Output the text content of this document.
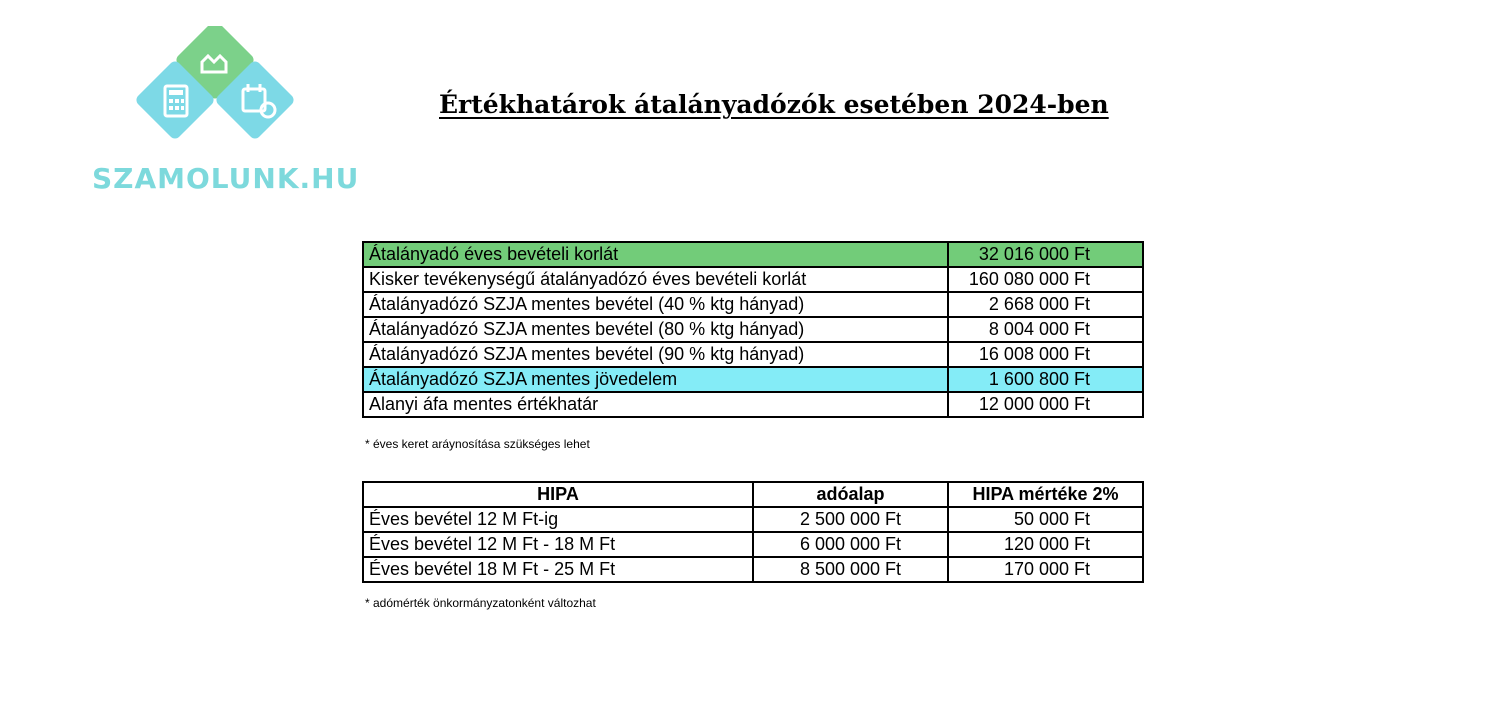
SZAMOLUNK.HU
Értékhatárok átalányadózók esetében 2024-ben
Átalányadó éves bevételi korlát	32 016 000 Ft
Kisker tevékenységű átalányadózó éves bevételi korlát	160 080 000 Ft
Átalányadózó SZJA mentes bevétel (40 % ktg hányad)	2 668 000 Ft
Átalányadózó SZJA mentes bevétel (80 % ktg hányad)	8 004 000 Ft
Átalányadózó SZJA mentes bevétel (90 % ktg hányad)	16 008 000 Ft
Átalányadózó SZJA mentes jövedelem	1 600 800 Ft
Alanyi áfa mentes értékhatár	12 000 000 Ft
* éves keret aráynosítása szükséges lehet
HIPA	adóalap	HIPA mértéke 2%
Éves bevétel 12 M Ft-ig	2 500 000 Ft	50 000 Ft
Éves bevétel 12 M Ft - 18 M Ft	6 000 000 Ft	120 000 Ft
Éves bevétel 18 M Ft - 25 M Ft	8 500 000 Ft	170 000 Ft
* adómérték önkormányzatonként változhat
